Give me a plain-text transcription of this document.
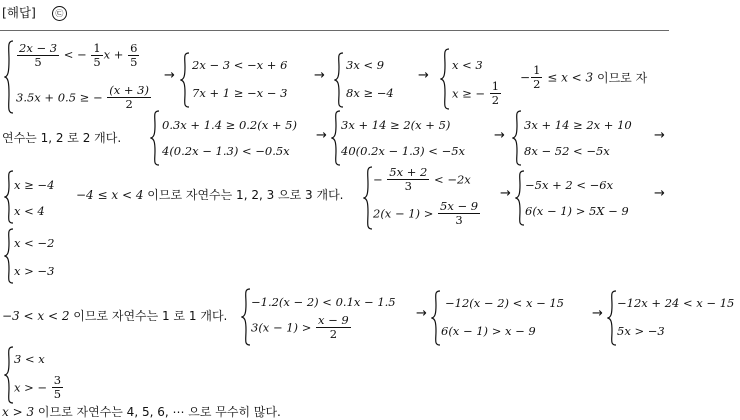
[해답] ㉢
$\frac{2x - 3}{5}$ < − $\frac{1}{5}$ $x + \frac{6}{5}$
3.5x + 0.5 ≥ − $\frac{(x + 3)}{2}$
→
2x − 3 < −x + 6
7x + 1 ≥ −x − 3
→
3x < 9
8x ≥ −4
→
x < 3
x ≥ − $\frac{1}{2}$
− $\frac{1}{2} \le x < 3$ 이므로 자
연수는 1, 2 로 2 개다.
0.3x + 1.4 ≥ 0.2(x + 5)
4(0.2x − 1.3) < −0.5x
→
3x + 14 ≥ 2(x + 5)
40(0.2x − 1.3) < −5x
→
3x + 14 ≥ 2x + 10
8x − 52 < −5x
→
x ≥ −4
x < 4
−4 ≤ x < 4 이므로 자연수는 1, 2, 3 으로 3 개다.
− $\frac{5x + 2}{3} < -2x$
$2(x - 1) > \frac{5x - 9}{3}$
→
−5x + 2 < −6x
6(x − 1) > 5X − 9
→
x < −2
x > −3
−3 < x < 2 이므로 자연수는 1 로 1 개다.
−1.2(x − 2) < 0.1x − 1.5
$3(x - 1) > \frac{x - 9}{2}$
→
−12(x − 2) < x − 15
6(x − 1) > x − 9
→
−12x + 24 < x − 15
5x > −3
3 < x
x > − $\frac{3}{5}$
x > 3 이므로 자연수는 4, 5, 6, ⋯ 으로 무수히 많다.
